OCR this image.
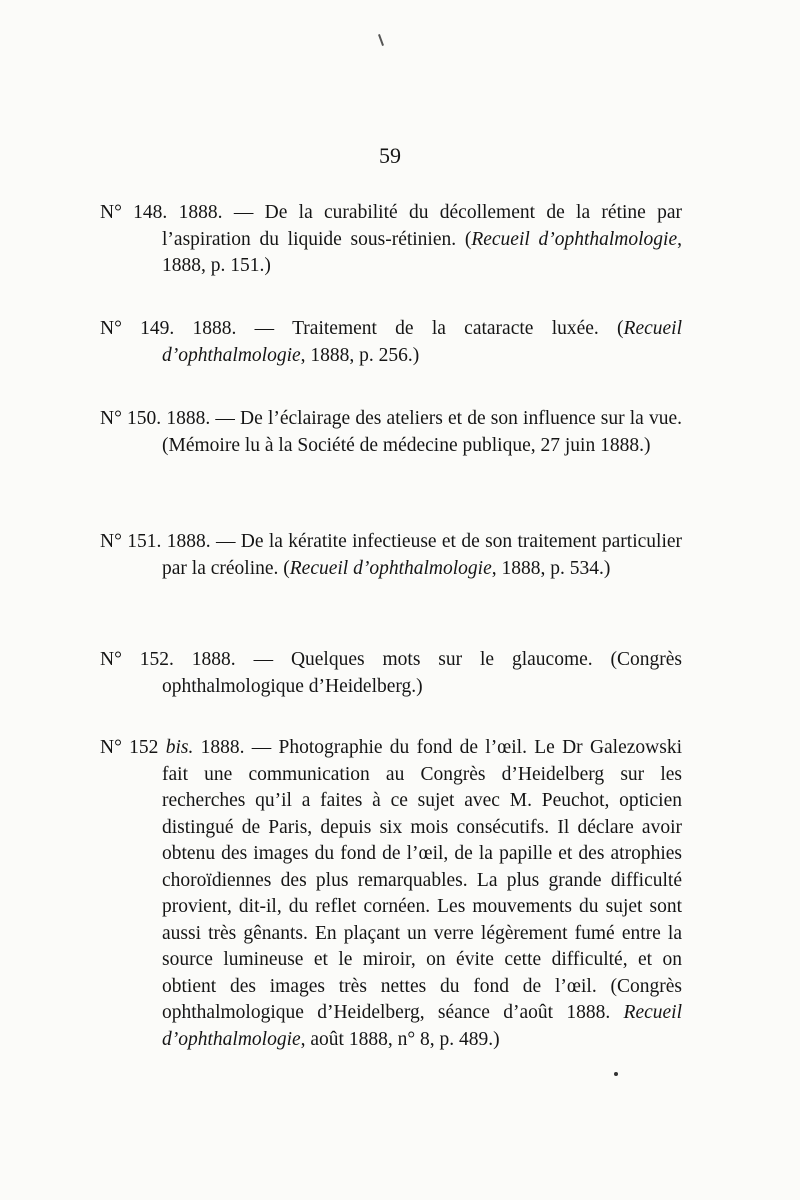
59

N° 148. 1888. — De la curabilité du décollement de la rétine par l’aspiration du liquide sous-rétinien. (Recueil d’ophthalmologie, 1888, p. 151.)

N° 149. 1888. — Traitement de la cataracte luxée. (Recueil d’ophthalmologie, 1888, p. 256.)

N° 150. 1888. — De l’éclairage des ateliers et de son influence sur la vue. (Mémoire lu à la Société de médecine publique, 27 juin 1888.)

N° 151. 1888. — De la kératite infectieuse et de son traitement particulier par la créoline. (Recueil d’ophthalmologie, 1888, p. 534.)

N° 152. 1888. — Quelques mots sur le glaucome. (Congrès ophthalmologique d’Heidelberg.)

N° 152 bis. 1888. — Photographie du fond de l’œil. Le Dr Galezowski fait une communication au Congrès d’Heidelberg sur les recherches qu’il a faites à ce sujet avec M. Peuchot, opticien distingué de Paris, depuis six mois consécutifs. Il déclare avoir obtenu des images du fond de l’œil, de la papille et des atrophies choroïdiennes des plus remarquables. La plus grande difficulté provient, dit-il, du reflet cornéen. Les mouvements du sujet sont aussi très gênants. En plaçant un verre légèrement fumé entre la source lumineuse et le miroir, on évite cette difficulté, et on obtient des images très nettes du fond de l’œil. (Congrès ophthalmologique d’Heidelberg, séance d’août 1888. Recueil d’ophthalmologie, août 1888, n° 8, p. 489.)
